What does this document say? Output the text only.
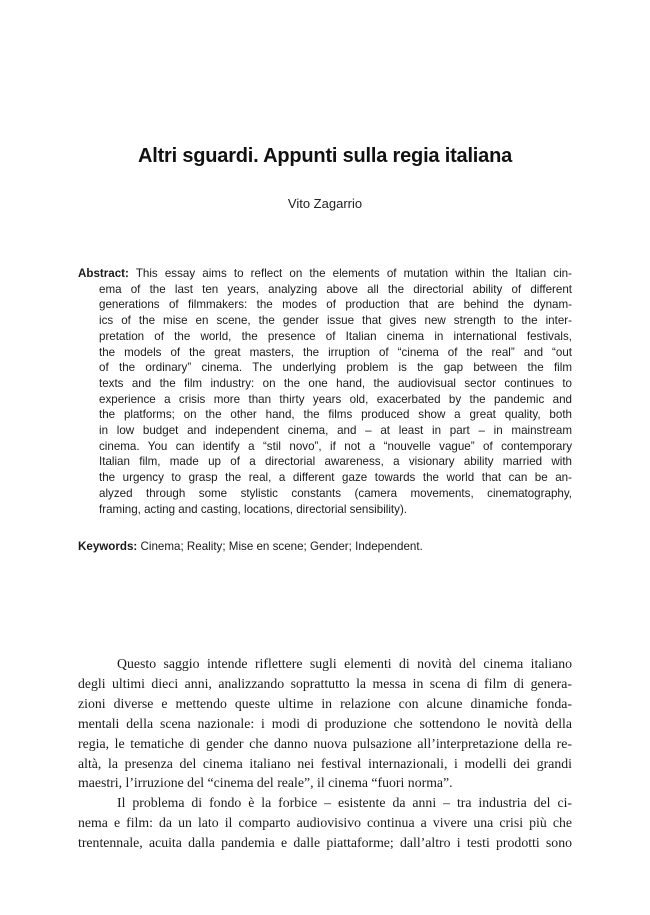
Altri sguardi. Appunti sulla regia italiana
Vito Zagarrio
Abstract: This essay aims to reflect on the elements of mutation within the Italian cin-
ema of the last ten years, analyzing above all the directorial ability of different
generations of filmmakers: the modes of production that are behind the dynam-
ics of the mise en scene, the gender issue that gives new strength to the inter-
pretation of the world, the presence of Italian cinema in international festivals,
the models of the great masters, the irruption of “cinema of the real” and “out
of the ordinary” cinema. The underlying problem is the gap between the film
texts and the film industry: on the one hand, the audiovisual sector continues to
experience a crisis more than thirty years old, exacerbated by the pandemic and
the platforms; on the other hand, the films produced show a great quality, both
in low budget and independent cinema, and – at least in part – in mainstream
cinema. You can identify a “stil novo”, if not a “nouvelle vague” of contemporary
Italian film, made up of a directorial awareness, a visionary ability married with
the urgency to grasp the real, a different gaze towards the world that can be an-
alyzed through some stylistic constants (camera movements, cinematography,
framing, acting and casting, locations, directorial sensibility).
Keywords: Cinema; Reality; Mise en scene; Gender; Independent.
Questo saggio intende riflettere sugli elementi di novità del cinema italiano
degli ultimi dieci anni, analizzando soprattutto la messa in scena di film di genera-
zioni diverse e mettendo queste ultime in relazione con alcune dinamiche fonda-
mentali della scena nazionale: i modi di produzione che sottendono le novità della
regia, le tematiche di gender che danno nuova pulsazione all’interpretazione della re-
altà, la presenza del cinema italiano nei festival internazionali, i modelli dei grandi
maestri, l’irruzione del “cinema del reale”, il cinema “fuori norma”.
Il problema di fondo è la forbice – esistente da anni – tra industria del ci-
nema e film: da un lato il comparto audiovisivo continua a vivere una crisi più che
trentennale, acuita dalla pandemia e dalle piattaforme; dall’altro i testi prodotti sono
